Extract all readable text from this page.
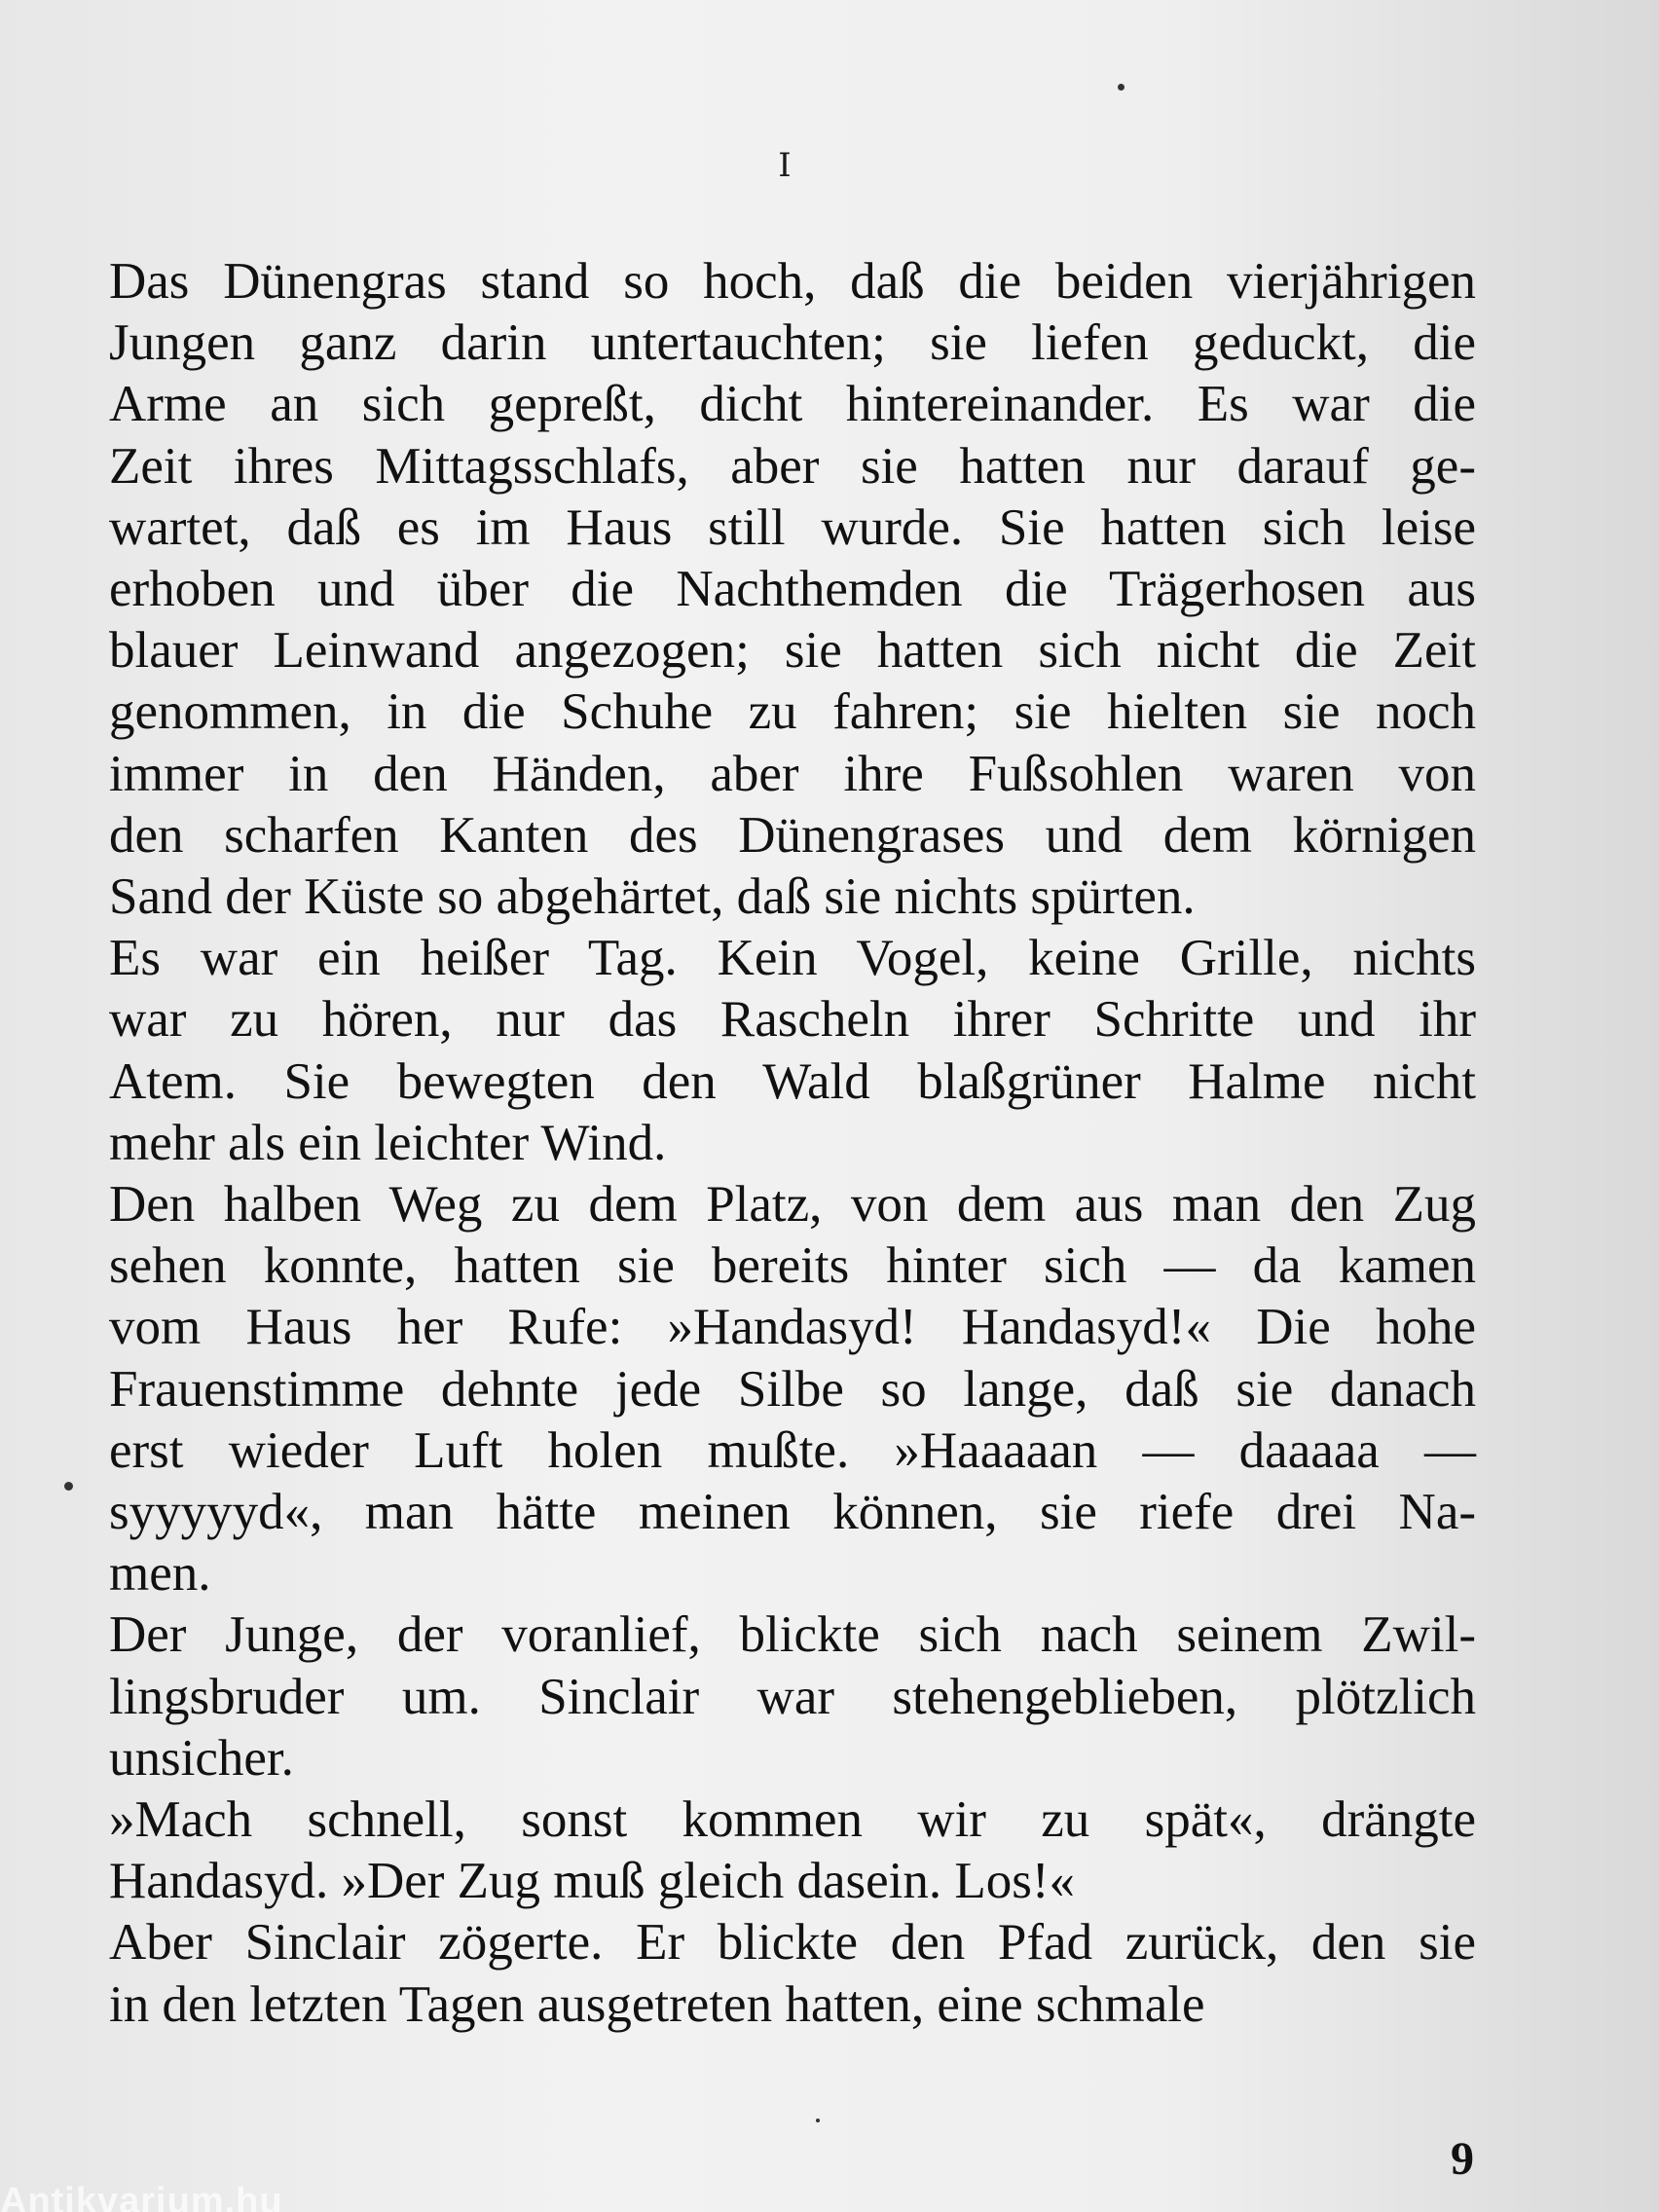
I
Das Dünengras stand so hoch, daß die beiden vierjährigen
Jungen ganz darin untertauchten; sie liefen geduckt, die
Arme an sich gepreßt, dicht hintereinander. Es war die
Zeit ihres Mittagsschlafs, aber sie hatten nur darauf ge-
wartet, daß es im Haus still wurde. Sie hatten sich leise
erhoben und über die Nachthemden die Trägerhosen aus
blauer Leinwand angezogen; sie hatten sich nicht die Zeit
genommen, in die Schuhe zu fahren; sie hielten sie noch
immer in den Händen, aber ihre Fußsohlen waren von
den scharfen Kanten des Dünengrases und dem körnigen
Sand der Küste so abgehärtet, daß sie nichts spürten.
Es war ein heißer Tag. Kein Vogel, keine Grille, nichts
war zu hören, nur das Rascheln ihrer Schritte und ihr
Atem. Sie bewegten den Wald blaßgrüner Halme nicht
mehr als ein leichter Wind.
Den halben Weg zu dem Platz, von dem aus man den Zug
sehen konnte, hatten sie bereits hinter sich — da kamen
vom Haus her Rufe: »Handasyd! Handasyd!« Die hohe
Frauenstimme dehnte jede Silbe so lange, daß sie danach
erst wieder Luft holen mußte. »Haaaaan — daaaaa —
syyyyyd«, man hätte meinen können, sie riefe drei Na-
men.
Der Junge, der voranlief, blickte sich nach seinem Zwil-
lingsbruder um. Sinclair war stehengeblieben, plötzlich
unsicher.
»Mach schnell, sonst kommen wir zu spät«, drängte
Handasyd. »Der Zug muß gleich dasein. Los!«
Aber Sinclair zögerte. Er blickte den Pfad zurück, den sie
in den letzten Tagen ausgetreten hatten, eine schmale
9
Antikvarium.hu
